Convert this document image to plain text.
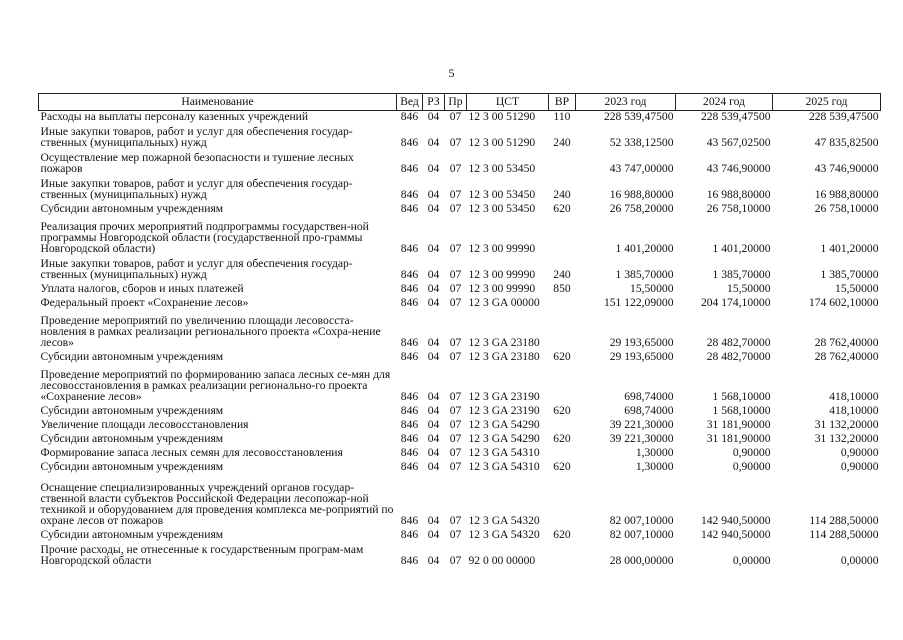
5
Наименование	Вед	РЗ	Пр	ЦСТ	ВР	2023 год	2024 год	2025 год
Расходы на выплаты персоналу казенных учреждений	846	04	07	12 3 00 51290	110	228 539,47500	228 539,47500	228 539,47500
Иные закупки товаров, работ и услуг для обеспечения государ-ственных (муниципальных) нужд	846	04	07	12 3 00 51290	240	52 338,12500	43 567,02500	47 835,82500
Осуществление мер пожарной безопасности и тушение лесных пожаров	846	04	07	12 3 00 53450		43 747,00000	43 746,90000	43 746,90000
Иные закупки товаров, работ и услуг для обеспечения государ-ственных (муниципальных) нужд	846	04	07	12 3 00 53450	240	16 988,80000	16 988,80000	16 988,80000
Субсидии автономным учреждениям	846	04	07	12 3 00 53450	620	26 758,20000	26 758,10000	26 758,10000
Реализация прочих мероприятий подпрограммы государствен-ной программы Новгородской области (государственной про-граммы Новгородской области)	846	04	07	12 3 00 99990		1 401,20000	1 401,20000	1 401,20000
Иные закупки товаров, работ и услуг для обеспечения государ-ственных (муниципальных) нужд	846	04	07	12 3 00 99990	240	1 385,70000	1 385,70000	1 385,70000
Уплата налогов, сборов и иных платежей	846	04	07	12 3 00 99990	850	15,50000	15,50000	15,50000
Федеральный проект «Сохранение лесов»	846	04	07	12 3 GA 00000		151 122,09000	204 174,10000	174 602,10000
Проведение мероприятий по увеличению площади лесовосста-новления в рамках реализации регионального проекта «Сохра-нение лесов»	846	04	07	12 3 GA 23180		29 193,65000	28 482,70000	28 762,40000
Субсидии автономным учреждениям	846	04	07	12 3 GA 23180	620	29 193,65000	28 482,70000	28 762,40000
Проведение мероприятий по формированию запаса лесных се-мян для лесовосстановления в рамках реализации регионально-го проекта «Сохранение лесов»	846	04	07	12 3 GA 23190		698,74000	1 568,10000	418,10000
Субсидии автономным учреждениям	846	04	07	12 3 GA 23190	620	698,74000	1 568,10000	418,10000
Увеличение площади лесовосстановления	846	04	07	12 3 GA 54290		39 221,30000	31 181,90000	31 132,20000
Субсидии автономным учреждениям	846	04	07	12 3 GA 54290	620	39 221,30000	31 181,90000	31 132,20000
Формирование запаса лесных семян для лесовосстановления	846	04	07	12 3 GA 54310		1,30000	0,90000	0,90000
Субсидии автономным учреждениям	846	04	07	12 3 GA 54310	620	1,30000	0,90000	0,90000
Оснащение специализированных учреждений органов государ-ственной власти субъектов Российской Федерации лесопожар-ной техникой и оборудованием для проведения комплекса ме-роприятий по охране лесов от пожаров	846	04	07	12 3 GA 54320		82 007,10000	142 940,50000	114 288,50000
Субсидии автономным учреждениям	846	04	07	12 3 GA 54320	620	82 007,10000	142 940,50000	114 288,50000
Прочие расходы, не отнесенные к государственным програм-мам Новгородской области	846	04	07	92 0 00 00000		28 000,00000	0,00000	0,00000
